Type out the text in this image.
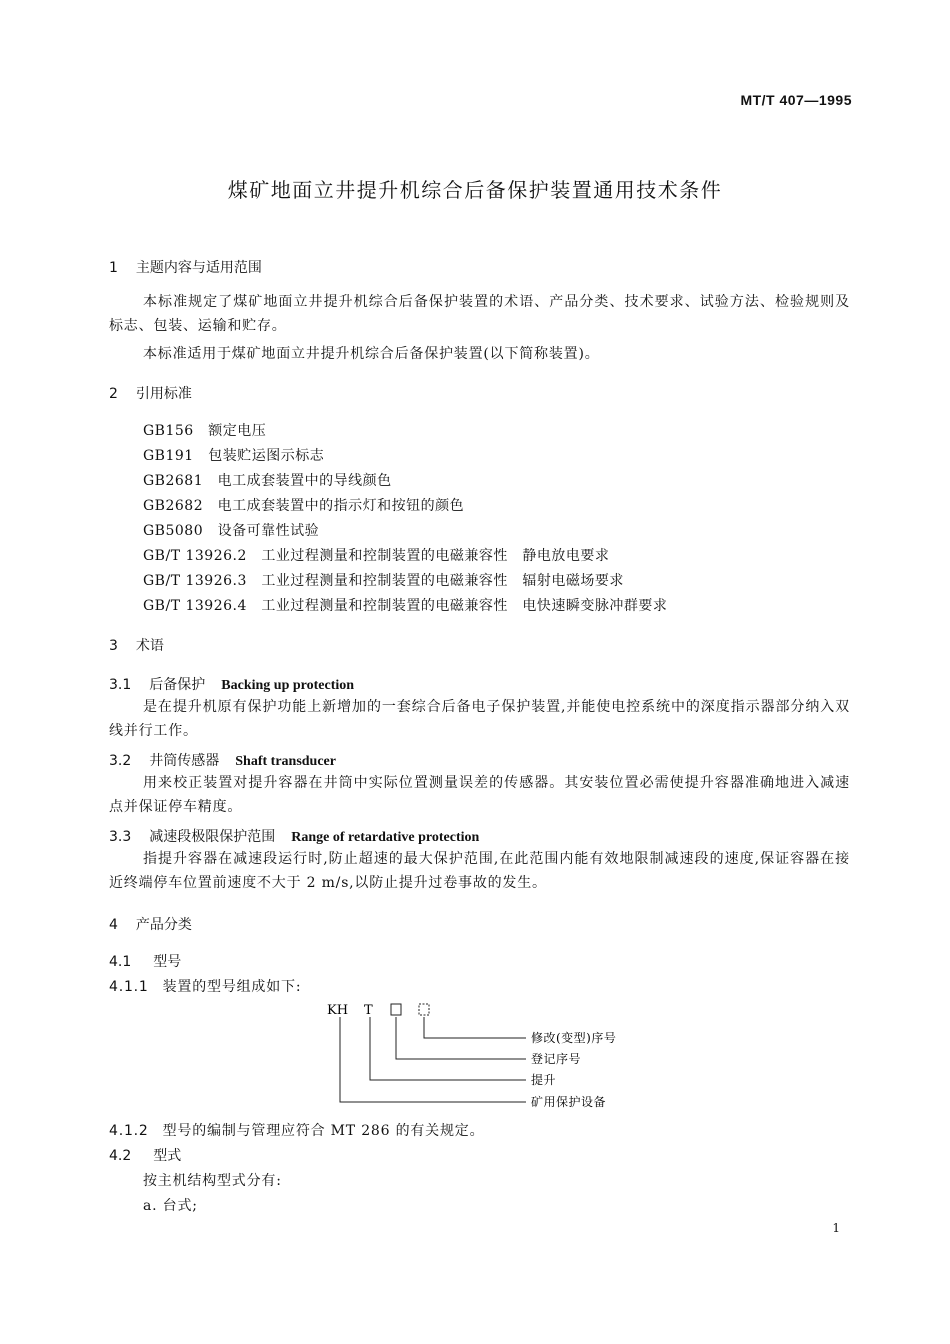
MT/T 407—1995
煤矿地面立井提升机综合后备保护装置通用技术条件
1 主题内容与适用范围
本标准规定了煤矿地面立井提升机综合后备保护装置的术语、产品分类、技术要求、试验方法、检验规则及标志、包装、运输和贮存。
本标准适用于煤矿地面立井提升机综合后备保护装置(以下简称装置)。
2 引用标准
GB156　额定电压
GB191　包装贮运图示标志
GB2681　电工成套装置中的导线颜色
GB2682　电工成套装置中的指示灯和按钮的颜色
GB5080　设备可靠性试验
GB/T 13926.2　工业过程测量和控制装置的电磁兼容性　静电放电要求
GB/T 13926.3　工业过程测量和控制装置的电磁兼容性　辐射电磁场要求
GB/T 13926.4　工业过程测量和控制装置的电磁兼容性　电快速瞬变脉冲群要求
3 术语
3.1 后备保护 Backing up protection
是在提升机原有保护功能上新增加的一套综合后备电子保护装置,并能使电控系统中的深度指示器部分纳入双线并行工作。
3.2 井筒传感器 Shaft transducer
用来校正装置对提升容器在井筒中实际位置测量误差的传感器。其安装位置必需使提升容器准确地进入减速点并保证停车精度。
3.3 减速段极限保护范围 Range of retardative protection
指提升容器在减速段运行时,防止超速的最大保护范围,在此范围内能有效地限制减速段的速度,保证容器在接近终端停车位置前速度不大于 2 m/s,以防止提升过卷事故的发生。
4 产品分类
4.1 型号
4.1.1 装置的型号组成如下:
KH T
修改(变型)序号
登记序号
提升
矿用保护设备
4.1.2 型号的编制与管理应符合 MT 286 的有关规定。
4.2 型式
按主机结构型式分有:
a. 台式;
1
